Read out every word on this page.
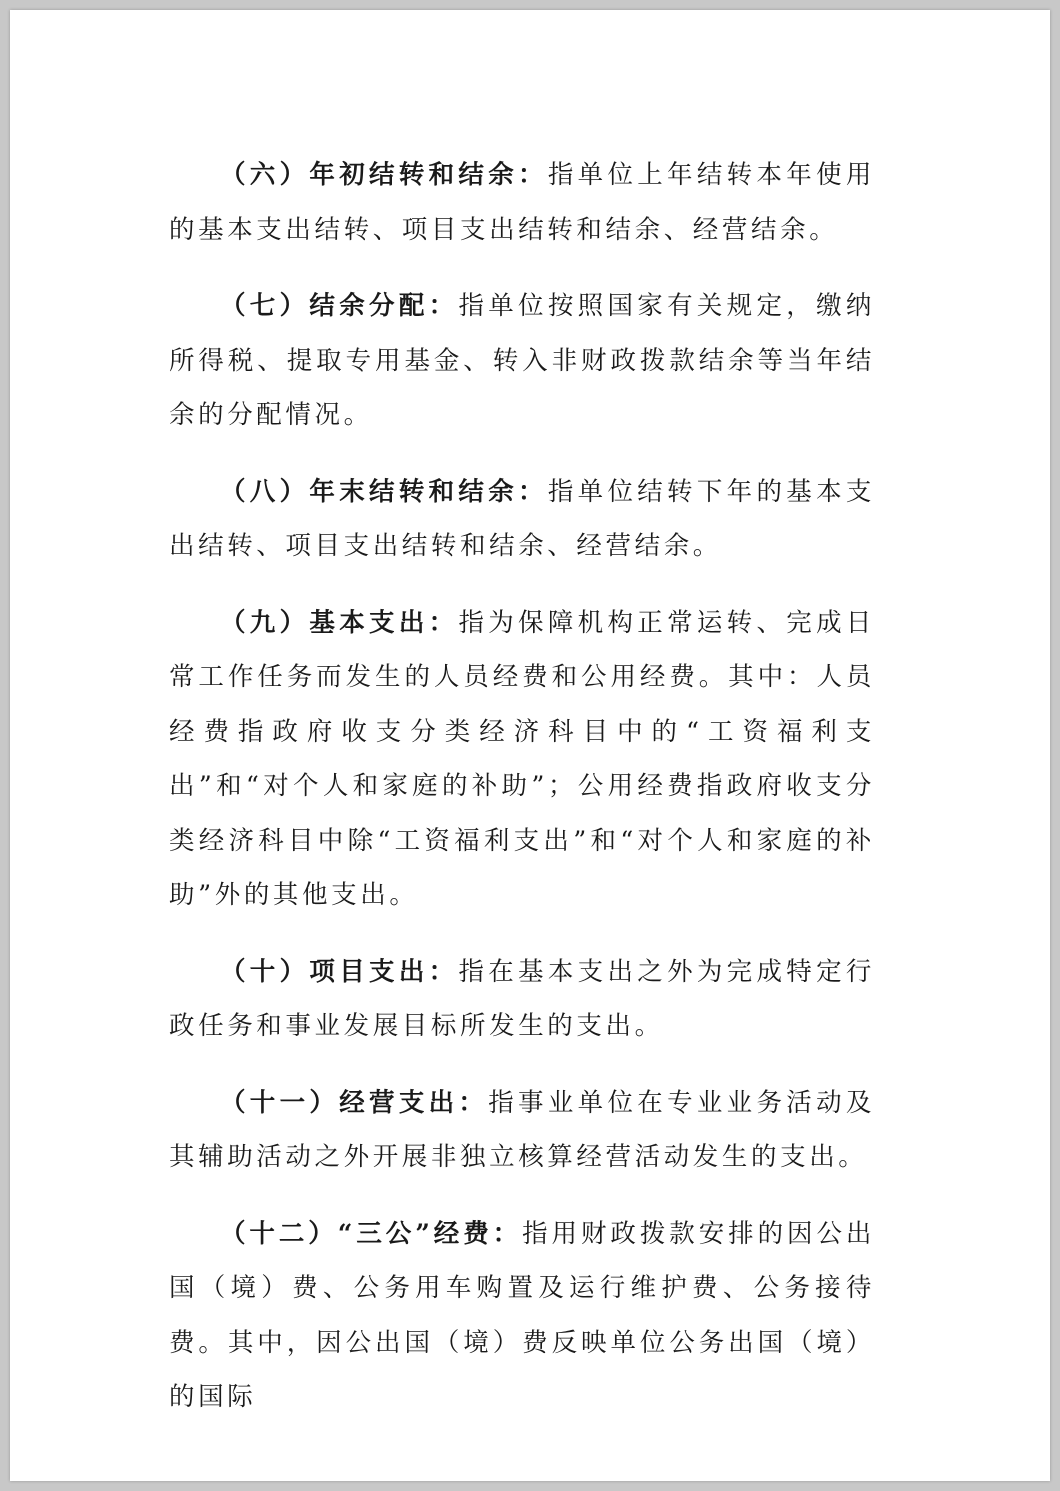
（六）年初结转和结余：指单位上年结转本年使用的基本支出结转、项目支出结转和结余、经营结余。

（七）结余分配：指单位按照国家有关规定，缴纳所得税、提取专用基金、转入非财政拨款结余等当年结余的分配情况。

（八）年末结转和结余：指单位结转下年的基本支出结转、项目支出结转和结余、经营结余。

（九）基本支出：指为保障机构正常运转、完成日常工作任务而发生的人员经费和公用经费。其中：人员经费指政府收支分类经济科目中的“工资福利支出”和“对个人和家庭的补助”；公用经费指政府收支分类经济科目中除“工资福利支出”和“对个人和家庭的补助”外的其他支出。

（十）项目支出：指在基本支出之外为完成特定行政任务和事业发展目标所发生的支出。

（十一）经营支出：指事业单位在专业业务活动及其辅助活动之外开展非独立核算经营活动发生的支出。

（十二）“三公”经费：指用财政拨款安排的因公出国（境）费、公务用车购置及运行维护费、公务接待费。其中，因公出国（境）费反映单位公务出国（境）的国际
